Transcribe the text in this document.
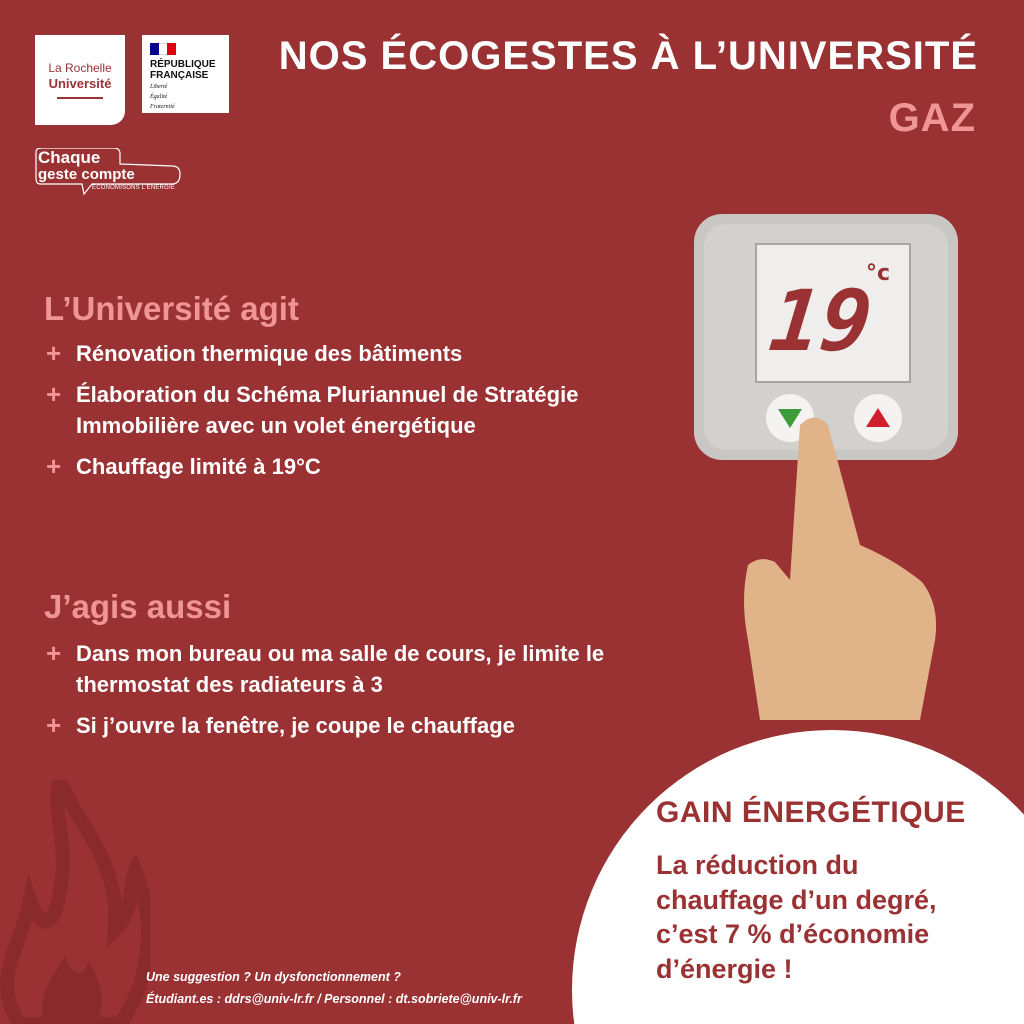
La Rochelle
Université
RÉPUBLIQUE
FRANÇAISE
Liberté
Égalité
Fraternité
Chaque
geste compte
ÉCONOMISONS L'ÉNERGIE
NOS ÉCOGESTES À L’UNIVERSITÉ
GAZ
19
°c
L’Université agit
+ Rénovation thermique des bâtiments
+ Élaboration du Schéma Pluriannuel de Stratégie Immobilière avec un volet énergétique
+ Chauffage limité à 19°C
J’agis aussi
+ Dans mon bureau ou ma salle de cours, je limite le thermostat des radiateurs à 3
+ Si j’ouvre la fenêtre, je coupe le chauffage
GAIN ÉNERGÉTIQUE
La réduction du chauffage d’un degré, c’est 7 % d’économie d’énergie !
Une suggestion ? Un dysfonctionnement ?
Étudiant.es : ddrs@univ-lr.fr / Personnel : dt.sobriete@univ-lr.fr
